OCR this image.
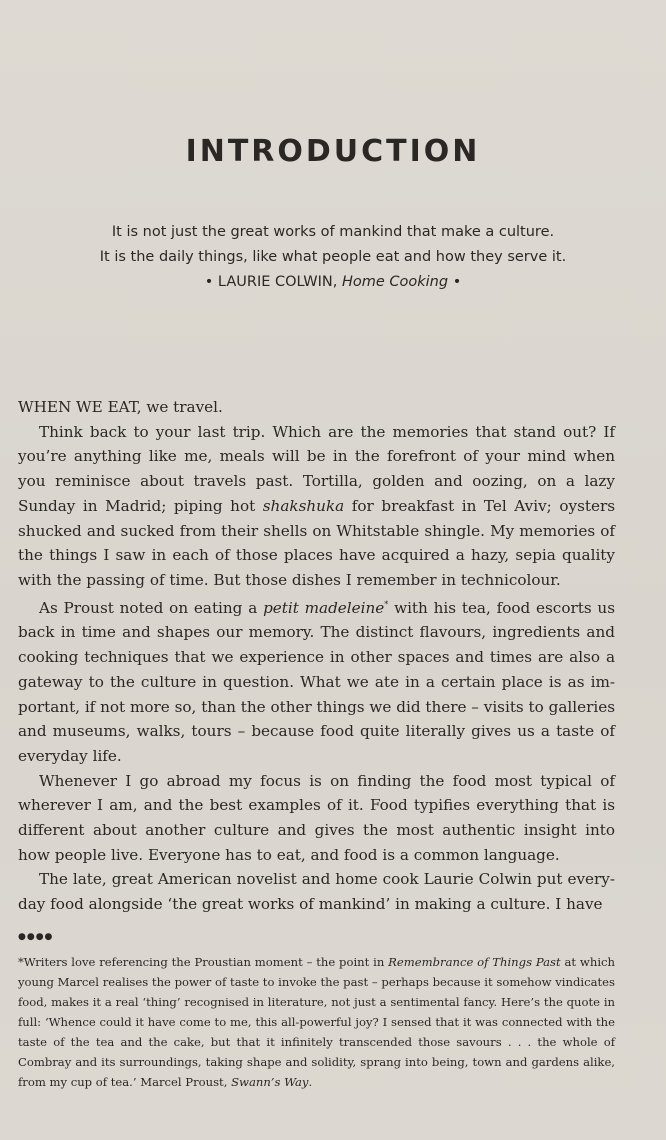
INTRODUCTION
It is not just the great works of mankind that make a culture.
It is the daily things, like what people eat and how they serve it.
• LAURIE COLWIN, Home Cooking •

WHEN WE EAT, we travel.

Think back to your last trip. Which are the memories that stand out? If you’re anything like me, meals will be in the forefront of your mind when you reminisce about travels past. Tortilla, golden and oozing, on a lazy Sunday in Madrid; piping hot shakshuka for breakfast in Tel Aviv; oysters shucked and sucked from their shells on Whitstable shingle. My memories of the things I saw in each of those places have acquired a hazy, sepia quality with the passing of time. But those dishes I remember in technicolour.

As Proust noted on eating a petit madeleine* with his tea, food escorts us back in time and shapes our memory. The distinct flavours, ingredients and cooking techniques that we experience in other spaces and times are also a gateway to the culture in question. What we ate in a certain place is as important, if not more so, than the other things we did there – visits to galleries and museums, walks, tours – because food quite literally gives us a taste of everyday life.

Whenever I go abroad my focus is on finding the food most typical of wherever I am, and the best examples of it. Food typifies everything that is different about another culture and gives the most authentic insight into how people live. Everyone has to eat, and food is a common language.

The late, great American novelist and home cook Laurie Colwin put everyday food alongside ‘the great works of mankind’ in making a culture. I have

●●●●
*Writers love referencing the Proustian moment – the point in Remembrance of Things Past at which young Marcel realises the power of taste to invoke the past – perhaps because it somehow vindicates food, makes it a real ‘thing’ recognised in literature, not just a sentimental fancy. Here’s the quote in full: ‘Whence could it have come to me, this all-powerful joy? I sensed that it was connected with the taste of the tea and the cake, but that it infinitely transcended those savours . . . the whole of Combray and its surroundings, taking shape and solidity, sprang into being, town and gardens alike, from my cup of tea.’ Marcel Proust, Swann’s Way.
